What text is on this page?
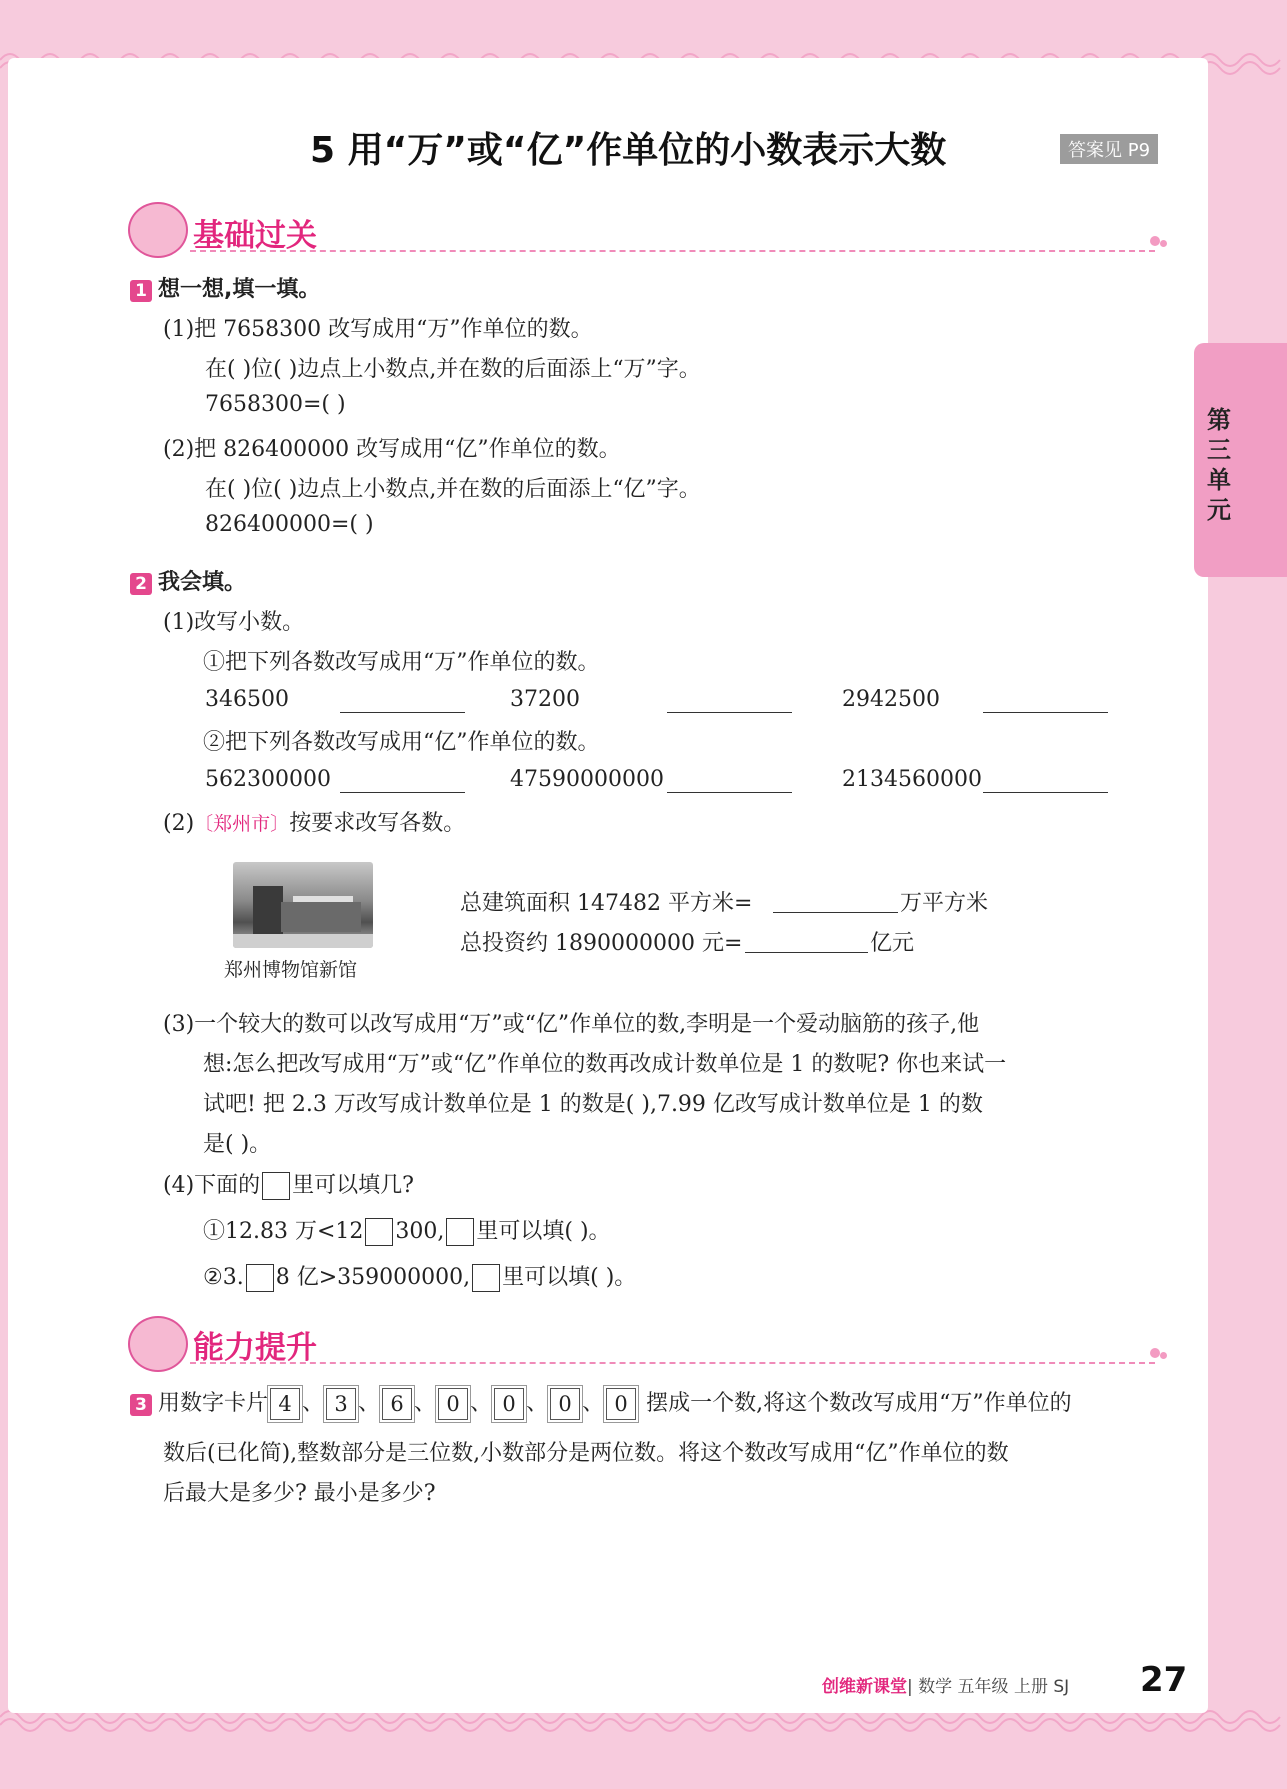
第三单元
5 用“万”或“亿”作单位的小数表示大数	答案见 P9
基础过关
1 想一想,填一填。
(1)把 7658300 改写成用“万”作单位的数。
在( )位( )边点上小数点,并在数的后面添上“万”字。
7658300=( )
(2)把 826400000 改写成用“亿”作单位的数。
在( )位( )边点上小数点,并在数的后面添上“亿”字。
826400000=( )
2 我会填。
(1)改写小数。
①把下列各数改写成用“万”作单位的数。
346500	37200	2942500
②把下列各数改写成用“亿”作单位的数。
562300000	47590000000	2134560000
(2)〔郑州市〕按要求改写各数。
郑州博物馆新馆
总建筑面积 147482 平方米=	万平方米
总投资约 1890000000 元=	亿元
(3)一个较大的数可以改写成用“万”或“亿”作单位的数,李明是一个爱动脑筋的孩子,他
想:怎么把改写成用“万”或“亿”作单位的数再改成计数单位是 1 的数呢? 你也来试一
试吧! 把 2.3 万改写成计数单位是 1 的数是( ),7.99 亿改写成计数单位是 1 的数
是( )。
(4)下面的 里可以填几?
①12.83 万<12 300, 里可以填( )。
②3. 8 亿>359000000, 里可以填( )。
能力提升
3 用数字卡片 4 、 3 、 6 、 0 、 0 、 0 、 0 摆成一个数,将这个数改写成用“万”作单位的
数后(已化简),整数部分是三位数,小数部分是两位数。将这个数改写成用“亿”作单位的数
后最大是多少? 最小是多少?
创维新课堂| 数学 五年级 上册 SJ 27
